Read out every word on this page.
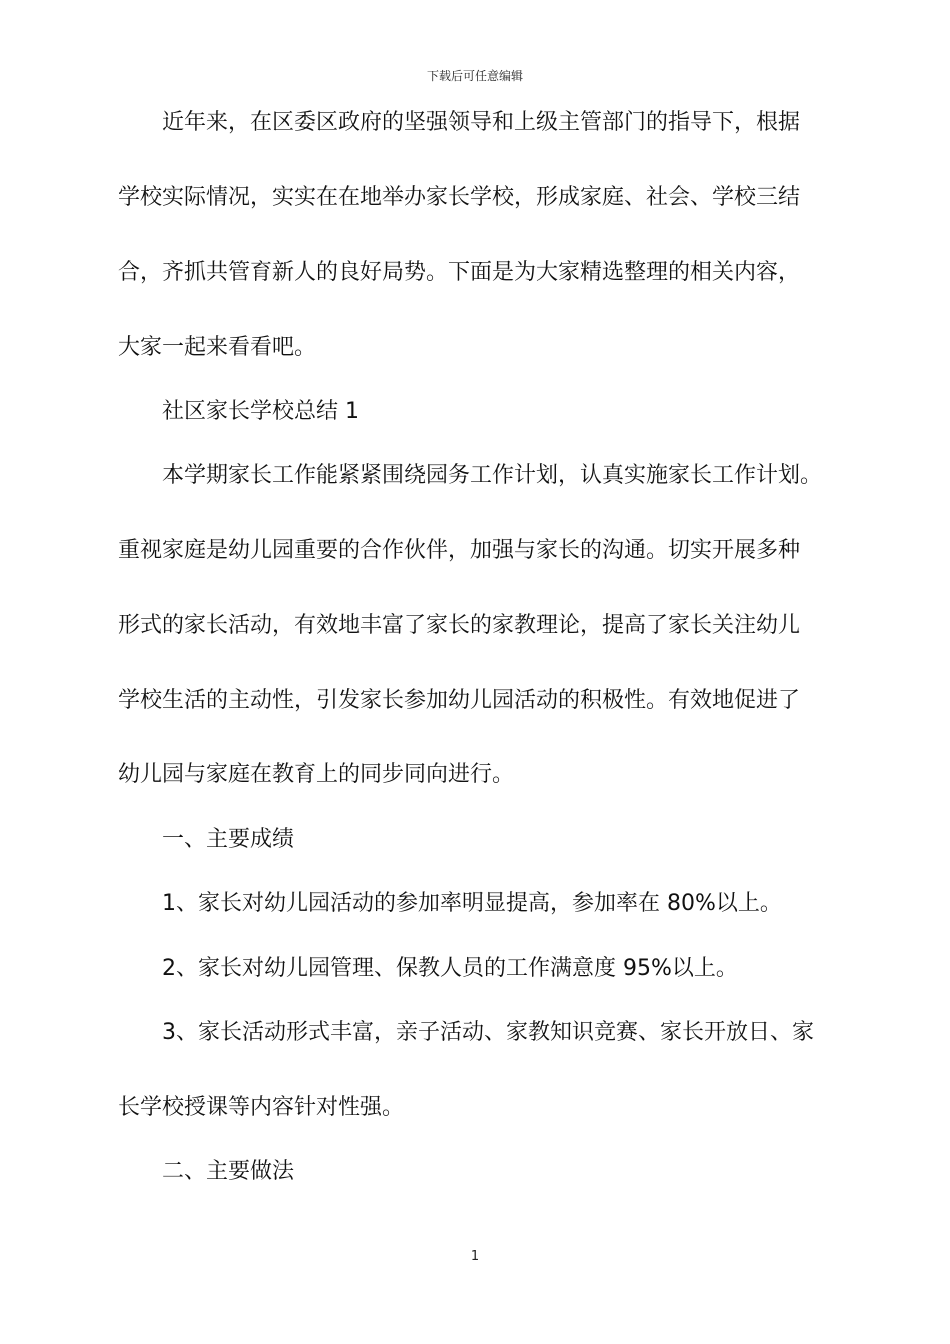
下载后可任意编辑
近年来，在区委区政府的坚强领导和上级主管部门的指导下，根据
学校实际情况，实实在在地举办家长学校，形成家庭、社会、学校三结
合，齐抓共管育新人的良好局势。下面是为大家精选整理的相关内容，
大家一起来看看吧。
社区家长学校总结 1
本学期家长工作能紧紧围绕园务工作计划，认真实施家长工作计划。
重视家庭是幼儿园重要的合作伙伴，加强与家长的沟通。切实开展多种
形式的家长活动，有效地丰富了家长的家教理论，提高了家长关注幼儿
学校生活的主动性，引发家长参加幼儿园活动的积极性。有效地促进了
幼儿园与家庭在教育上的同步同向进行。
一、主要成绩
1、家长对幼儿园活动的参加率明显提高，参加率在 80%以上。
2、家长对幼儿园管理、保教人员的工作满意度 95%以上。
3、家长活动形式丰富，亲子活动、家教知识竞赛、家长开放日、家
长学校授课等内容针对性强。
二、主要做法
1
